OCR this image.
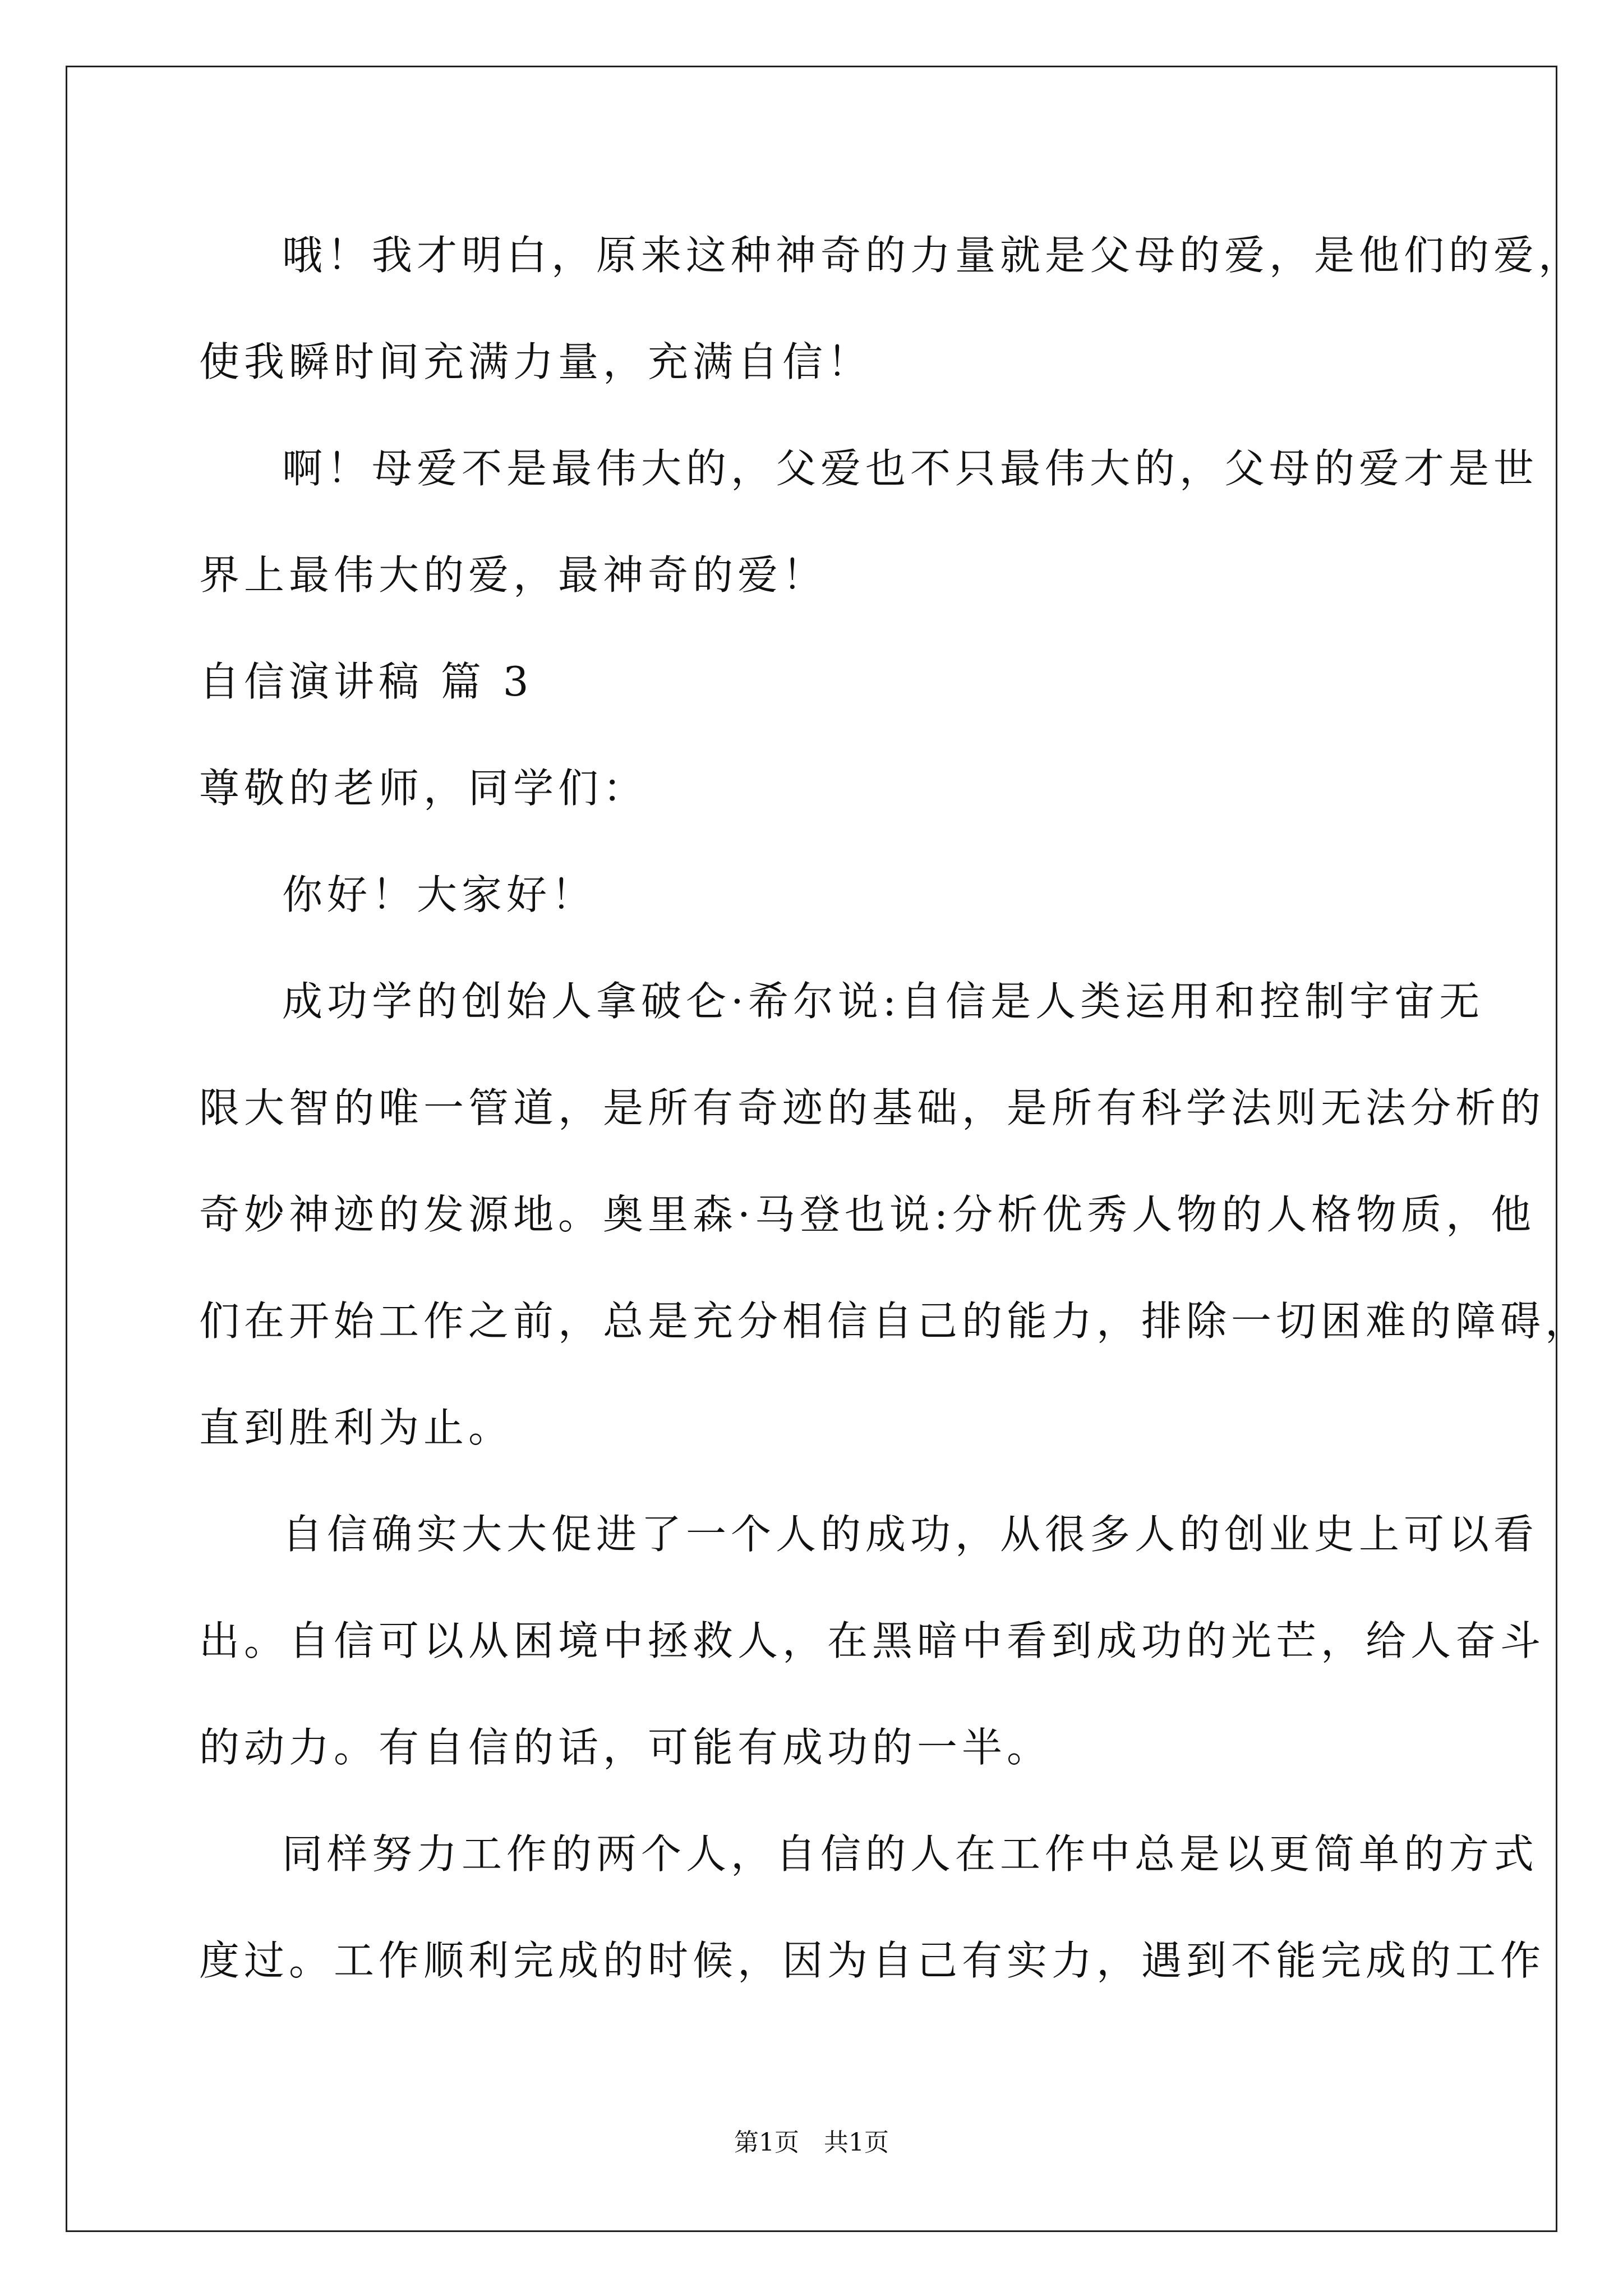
哦！我才明白，原来这种神奇的力量就是父母的爱，是他们的爱，
使我瞬时间充满力量，充满自信！
啊！母爱不是最伟大的，父爱也不只最伟大的，父母的爱才是世
界上最伟大的爱，最神奇的爱！
自信演讲稿 篇 3
尊敬的老师，同学们：
你好！大家好！
成功学的创始人拿破仑·希尔说:自信是人类运用和控制宇宙无
限大智的唯一管道，是所有奇迹的基础，是所有科学法则无法分析的
奇妙神迹的发源地。奥里森·马登也说:分析优秀人物的人格物质，他
们在开始工作之前，总是充分相信自己的能力，排除一切困难的障碍，
直到胜利为止。
自信确实大大促进了一个人的成功，从很多人的创业史上可以看
出。自信可以从困境中拯救人，在黑暗中看到成功的光芒，给人奋斗
的动力。有自信的话，可能有成功的一半。
同样努力工作的两个人，自信的人在工作中总是以更简单的方式
度过。工作顺利完成的时候，因为自己有实力，遇到不能完成的工作
第1页　共1页
